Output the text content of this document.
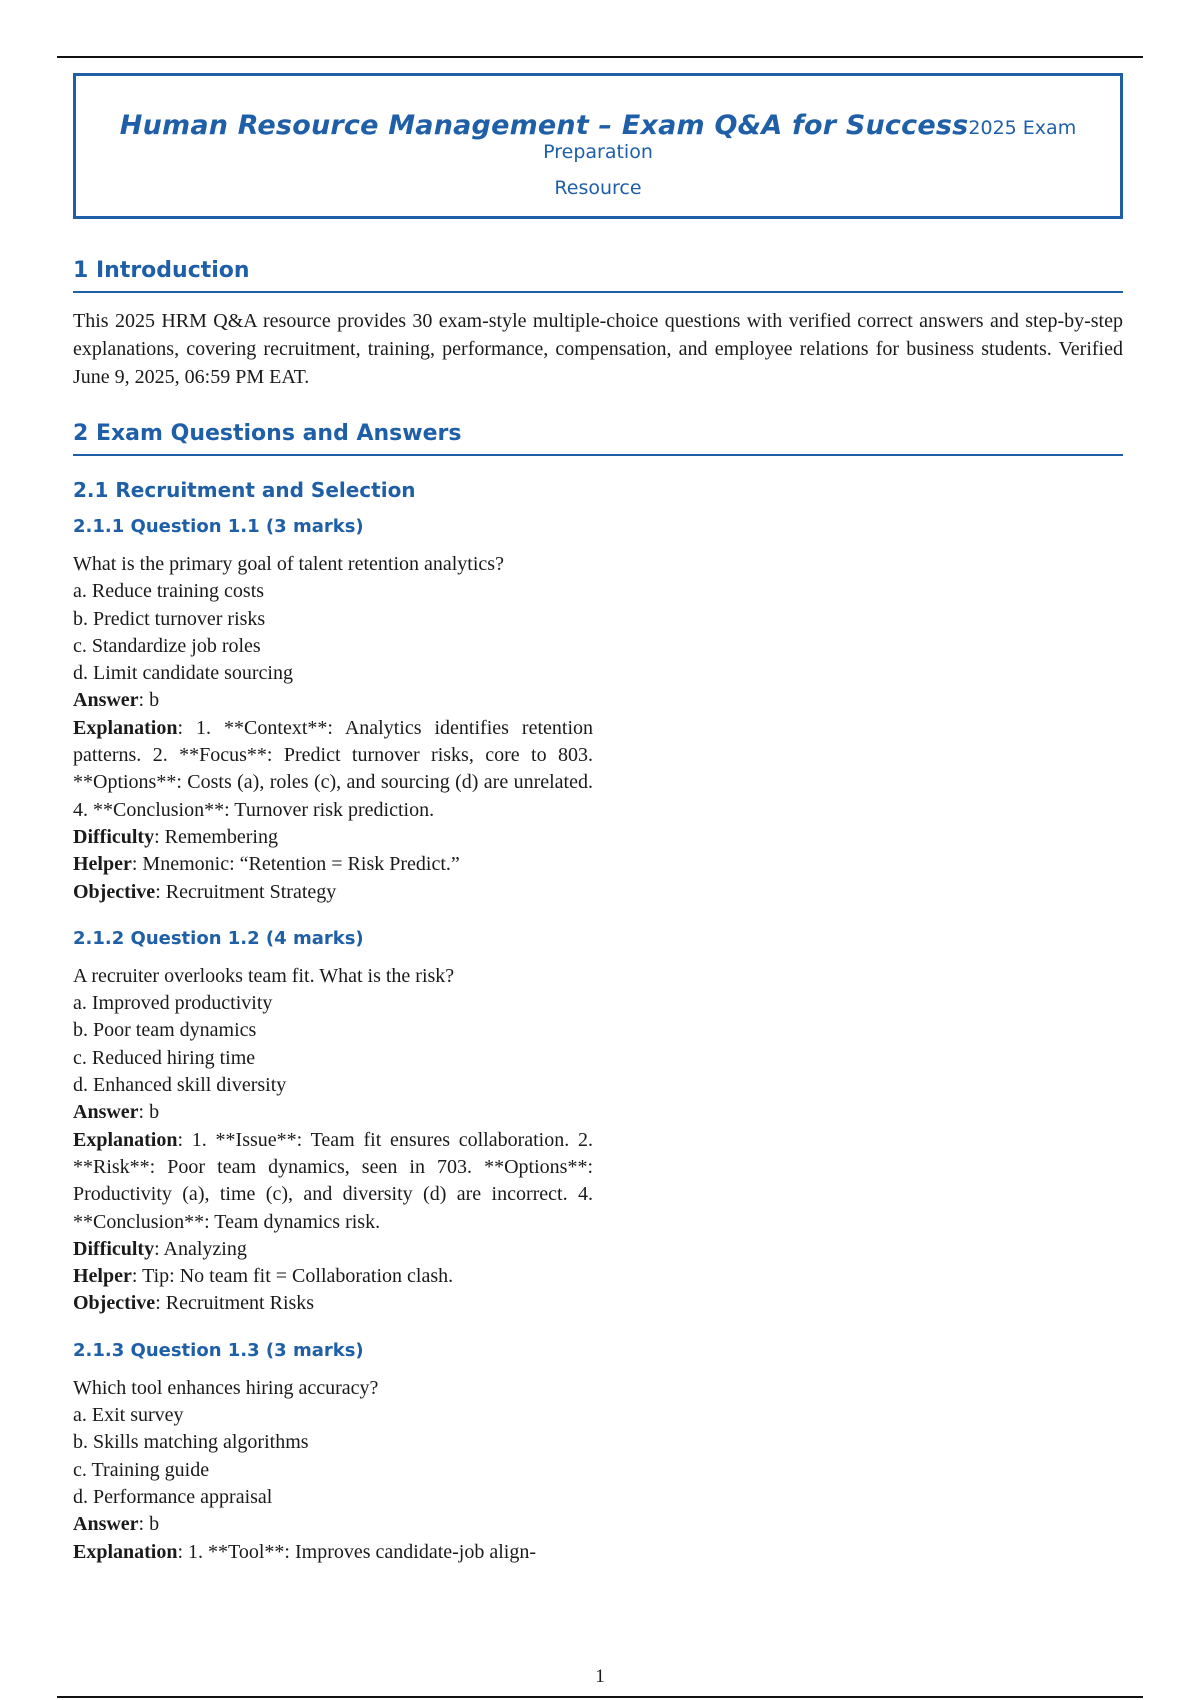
Human Resource Management – Exam Q&A for Success2025 Exam Preparation
Resource
1 Introduction

This 2025 HRM Q&A resource provides 30 exam-style multiple-choice questions with verified correct answers and step-by-step explanations, covering recruitment, training, performance, compensation, and employee relations for business students. Verified June 9, 2025, 06:59 PM EAT.

2 Exam Questions and Answers
2.1 Recruitment and Selection
2.1.1 Question 1.1 (3 marks)
What is the primary goal of talent retention analytics?
a. Reduce training costs
b. Predict turnover risks
c. Standardize job roles
d. Limit candidate sourcing
Answer: b
Explanation: 1. **Context**: Analytics identifies retention patterns. 2. **Focus**: Predict turnover risks, core to 803. **Options**: Costs (a), roles (c), and sourcing (d) are unrelated. 4. **Conclusion**: Turnover risk prediction.
Difficulty: Remembering
Helper: Mnemonic: “Retention = Risk Predict.”
Objective: Recruitment Strategy
2.1.2 Question 1.2 (4 marks)
A recruiter overlooks team fit. What is the risk?
a. Improved productivity
b. Poor team dynamics
c. Reduced hiring time
d. Enhanced skill diversity
Answer: b
Explanation: 1. **Issue**: Team fit ensures collaboration. 2. **Risk**: Poor team dynamics, seen in 703. **Options**: Productivity (a), time (c), and diversity (d) are incorrect. 4. **Conclusion**: Team dynamics risk.
Difficulty: Analyzing
Helper: Tip: No team fit = Collaboration clash.
Objective: Recruitment Risks
2.1.3 Question 1.3 (3 marks)
Which tool enhances hiring accuracy?
a. Exit survey
b. Skills matching algorithms
c. Training guide
d. Performance appraisal
Answer: b
Explanation: 1. **Tool**: Improves candidate-job align-
1
